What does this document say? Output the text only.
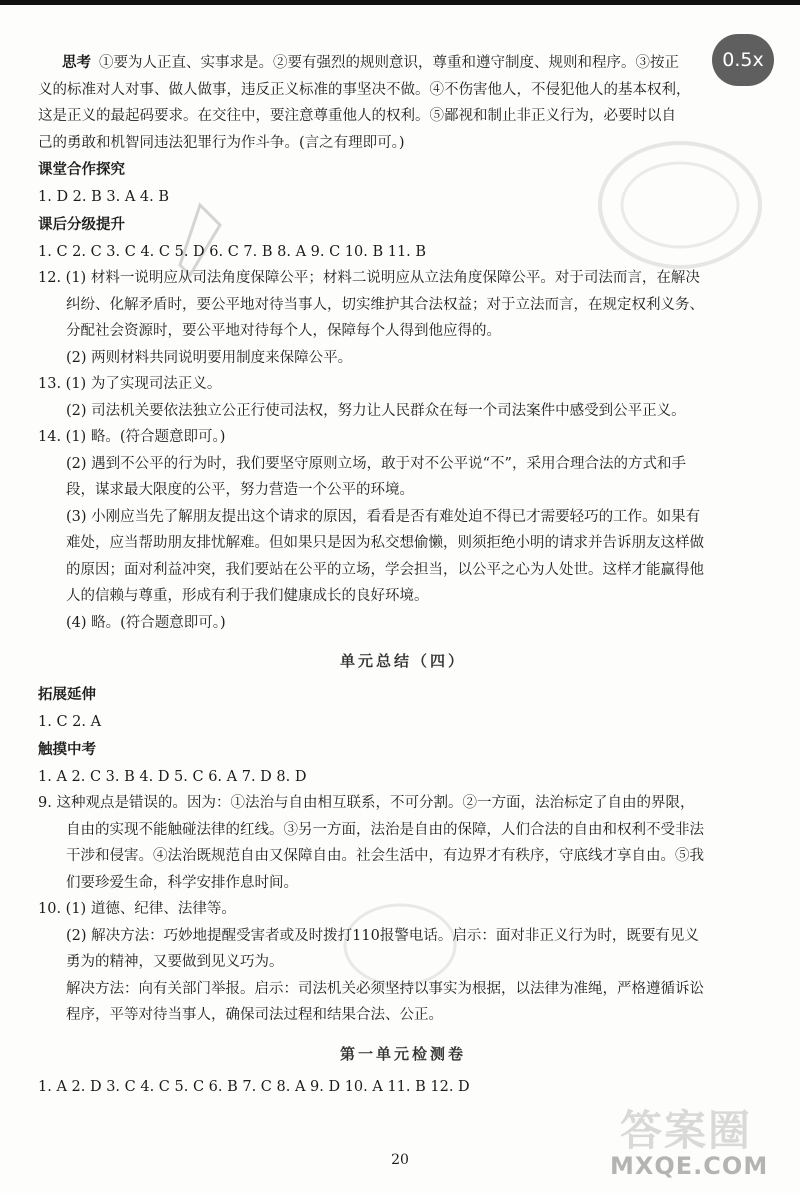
0.5x

思考 ①要为人正直、实事求是。②要有强烈的规则意识，尊重和遵守制度、规则和程序。③按正

义的标准对人对事、做人做事，违反正义标准的事坚决不做。④不伤害他人，不侵犯他人的基本权利，

这是正义的最起码要求。在交往中，要注意尊重他人的权利。⑤鄙视和制止非正义行为，必要时以自

己的勇敢和机智同违法犯罪行为作斗争。(言之有理即可。)

课堂合作探究

1. D 2. B 3. A 4. B

课后分级提升

1. C 2. C 3. C 4. C 5. D 6. C 7. B 8. A 9. C 10. B 11. B

12. (1) 材料一说明应从司法角度保障公平；材料二说明应从立法角度保障公平。对于司法而言，在解决

纠纷、化解矛盾时，要公平地对待当事人，切实维护其合法权益；对于立法而言，在规定权利义务、

分配社会资源时，要公平地对待每个人，保障每个人得到他应得的。

(2) 两则材料共同说明要用制度来保障公平。

13. (1) 为了实现司法正义。

(2) 司法机关要依法独立公正行使司法权，努力让人民群众在每一个司法案件中感受到公平正义。

14. (1) 略。(符合题意即可。)

(2) 遇到不公平的行为时，我们要坚守原则立场，敢于对不公平说“不”，采用合理合法的方式和手

段，谋求最大限度的公平，努力营造一个公平的环境。

(3) 小刚应当先了解朋友提出这个请求的原因，看看是否有难处迫不得已才需要轻巧的工作。如果有

难处，应当帮助朋友排忧解难。但如果只是因为私交想偷懒，则须拒绝小明的请求并告诉朋友这样做

的原因；面对利益冲突，我们要站在公平的立场，学会担当，以公平之心为人处世。这样才能赢得他

人的信赖与尊重，形成有利于我们健康成长的良好环境。

(4) 略。(符合题意即可。)

单元总结（四）
拓展延伸

1. C 2. A

触摸中考

1. A 2. C 3. B 4. D 5. C 6. A 7. D 8. D

9. 这种观点是错误的。因为：①法治与自由相互联系，不可分割。②一方面，法治标定了自由的界限，

自由的实现不能触碰法律的红线。③另一方面，法治是自由的保障，人们合法的自由和权利不受非法

干涉和侵害。④法治既规范自由又保障自由。社会生活中，有边界才有秩序，守底线才享自由。⑤我

们要珍爱生命，科学安排作息时间。

10. (1) 道德、纪律、法律等。

(2) 解决方法：巧妙地提醒受害者或及时拨打110报警电话。启示：面对非正义行为时，既要有见义

勇为的精神，又要做到见义巧为。

解决方法：向有关部门举报。启示：司法机关必须坚持以事实为根据，以法律为准绳，严格遵循诉讼

程序，平等对待当事人，确保司法过程和结果合法、公正。

第一单元检测卷

1. A 2. D 3. C 4. C 5. C 6. B 7. C 8. A 9. D 10. A 11. B 12. D

答案圈
20	MXQE.COM
